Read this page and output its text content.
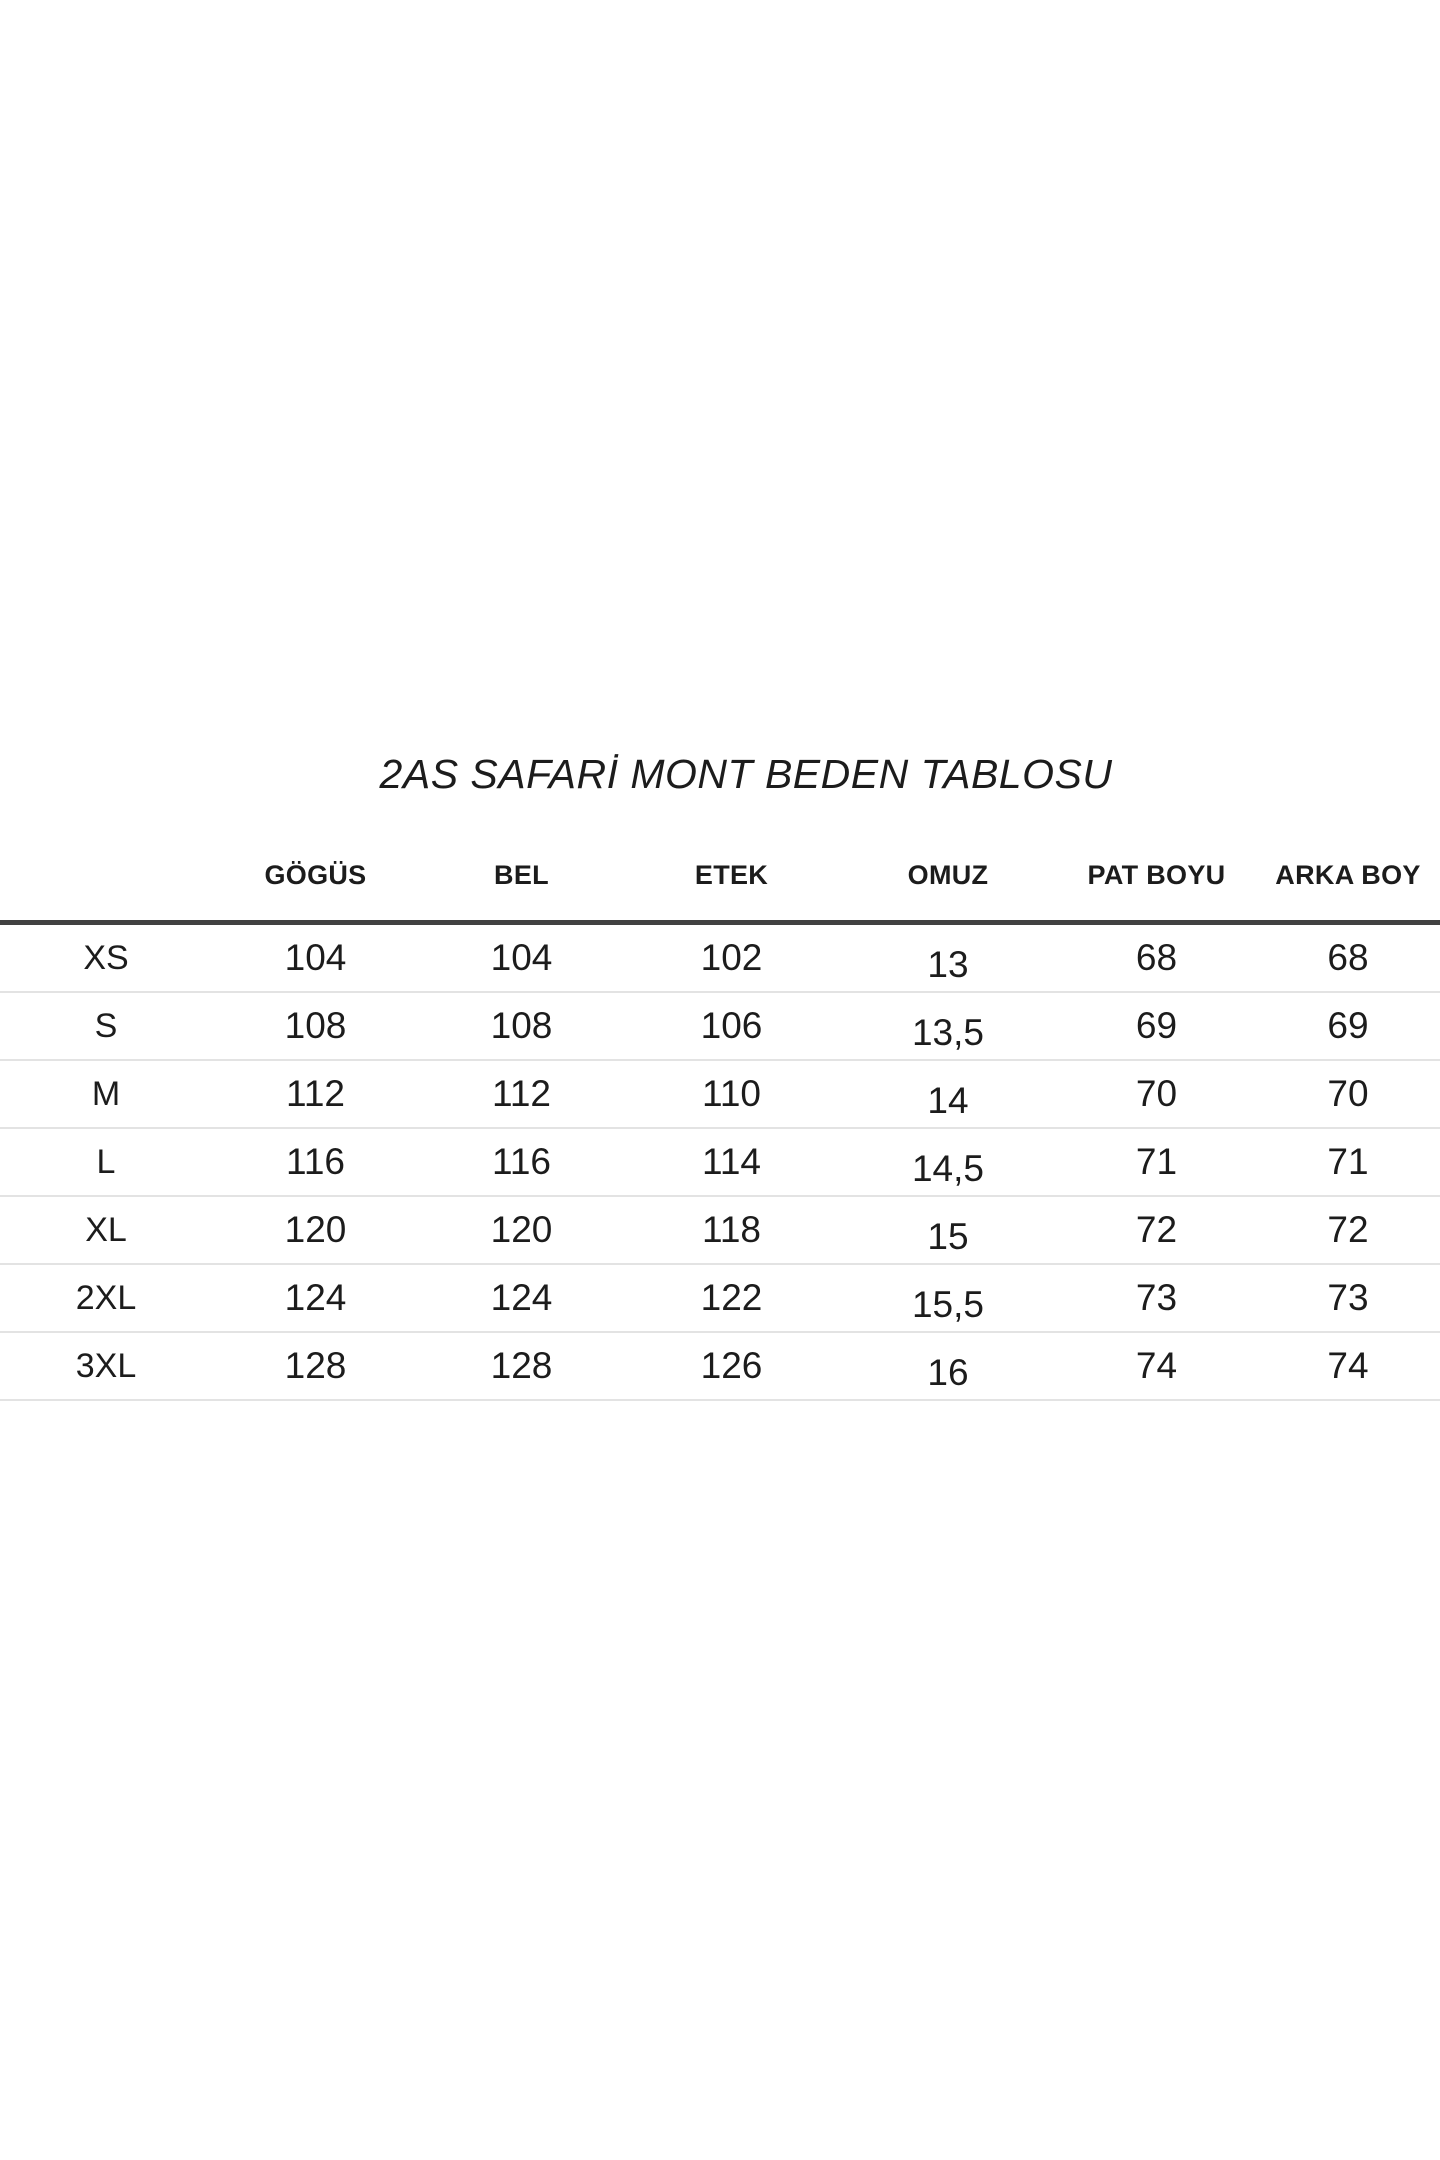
2AS SAFARİ MONT BEDEN TABLOSU
	GÖGÜS	BEL	ETEK	OMUZ	PAT BOYU	ARKA BOY
XS	104	104	102	13	68	68
S	108	108	106	13,5	69	69
M	112	112	110	14	70	70
L	116	116	114	14,5	71	71
XL	120	120	118	15	72	72
2XL	124	124	122	15,5	73	73
3XL	128	128	126	16	74	74
